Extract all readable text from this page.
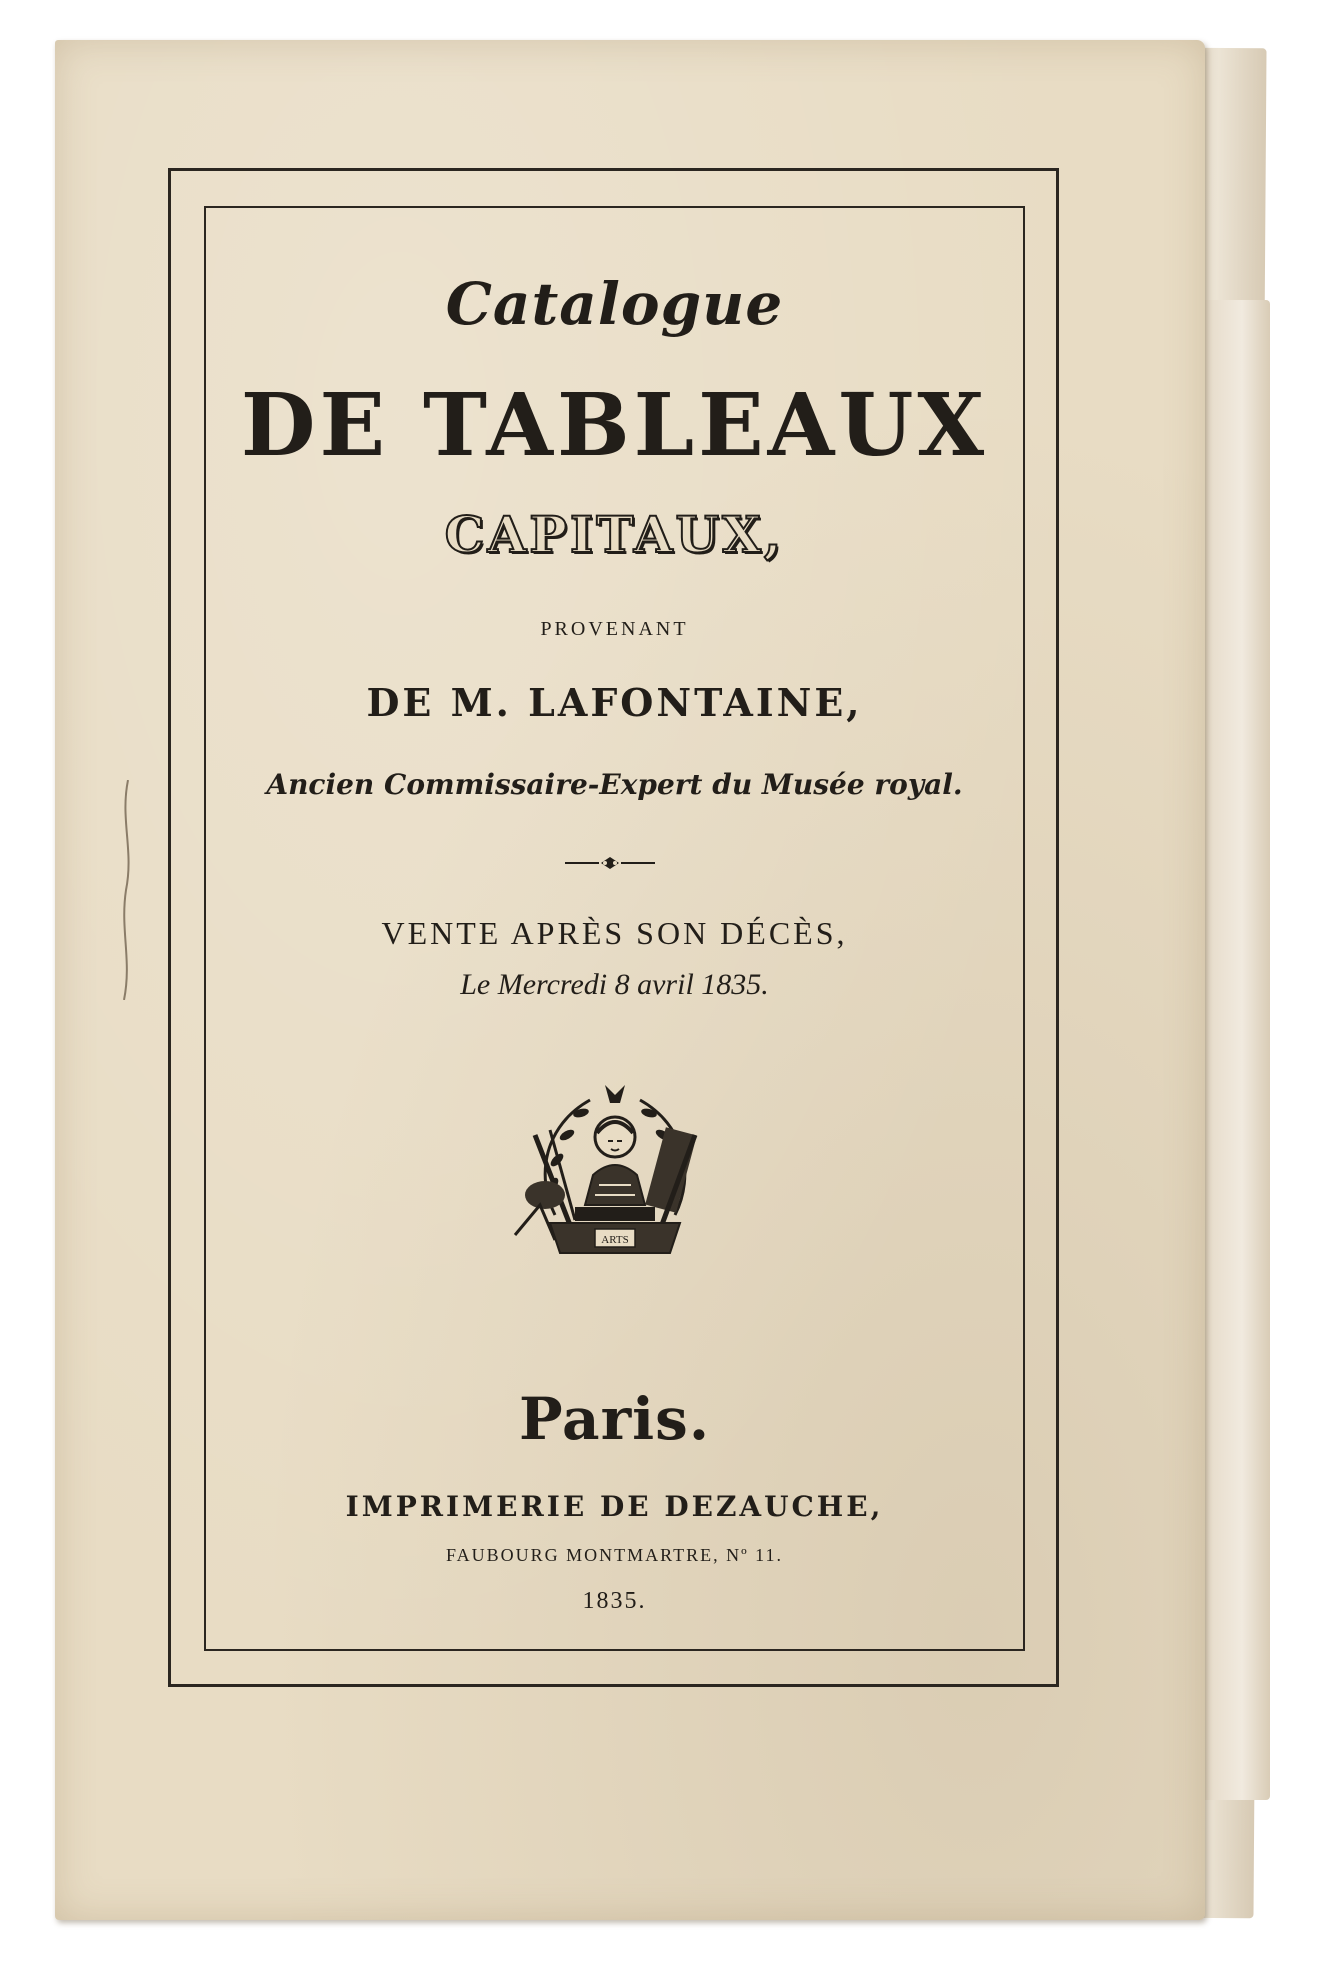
Catalogue
DE TABLEAUX
CAPITAUX,
PROVENANT
DE M. LAFONTAINE,
Ancien Commissaire-Expert du Musée royal.
VENTE APRÈS SON DÉCÈS,
Le Mercredi 8 avril 1835.
ARTS
Paris.
IMPRIMERIE DE DEZAUCHE,
FAUBOURG MONTMARTRE, Nº 11.
1835.
